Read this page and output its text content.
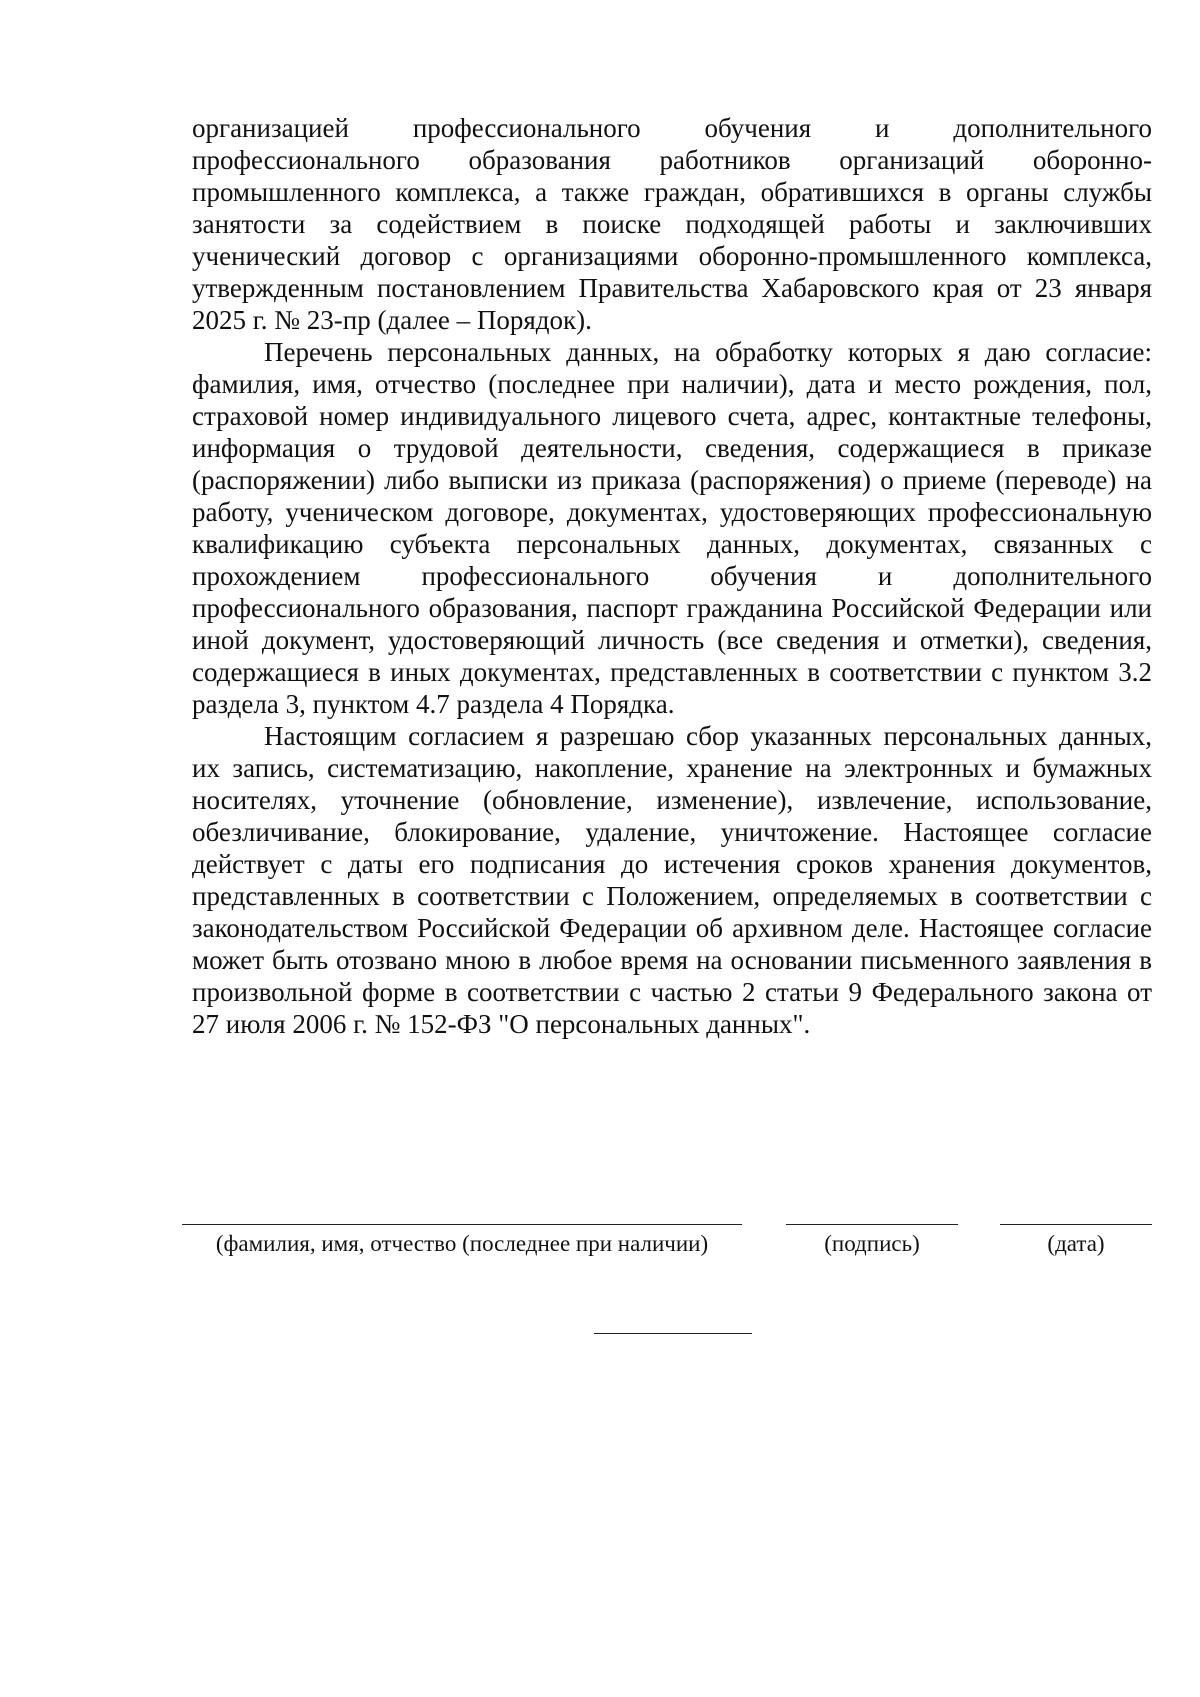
организацией профессионального обучения и дополнительного профессионального образования работников организаций оборонно-промышленного комплекса, а также граждан, обратившихся в органы службы занятости за содействием в поиске подходящей работы и заключивших ученический договор с организациями оборонно-промышленного комплекса, утвержденным постановлением Правительства Хабаровского края от 23 января 2025 г. № 23-пр (далее – Порядок).

Перечень персональных данных, на обработку которых я даю согласие: фамилия, имя, отчество (последнее при наличии), дата и место рождения, пол, страховой номер индивидуального лицевого счета, адрес, контактные телефоны, информация о трудовой деятельности, сведения, содержащиеся в приказе (распоряжении) либо выписки из приказа (распоряжения) о приеме (переводе) на работу, ученическом договоре, документах, удостоверяющих профессиональную квалификацию субъекта персональных данных, документах, связанных с прохождением профессионального обучения и дополнительного профессионального образования, паспорт гражданина Российской Федерации или иной документ, удостоверяющий личность (все сведения и отметки), сведения, содержащиеся в иных документах, представленных в соответствии с пунктом 3.2 раздела 3, пунктом 4.7 раздела 4 Порядка.

Настоящим согласием я разрешаю сбор указанных персональных данных, их запись, систематизацию, накопление, хранение на электронных и бумажных носителях, уточнение (обновление, изменение), извлечение, использование, обезличивание, блокирование, удаление, уничтожение. Настоящее согласие действует с даты его подписания до истечения сроков хранения документов, представленных в соответствии с Положением, определяемых в соответствии с законодательством Российской Федерации об архивном деле. Настоящее согласие может быть отозвано мною в любое время на основании письменного заявления в произвольной форме в соответствии с частью 2 статьи 9 Федерального закона от 27 июля 2006 г. № 152-ФЗ "О персональных данных".

(фамилия, имя, отчество (последнее при наличии)	(подпись)	(дата)
